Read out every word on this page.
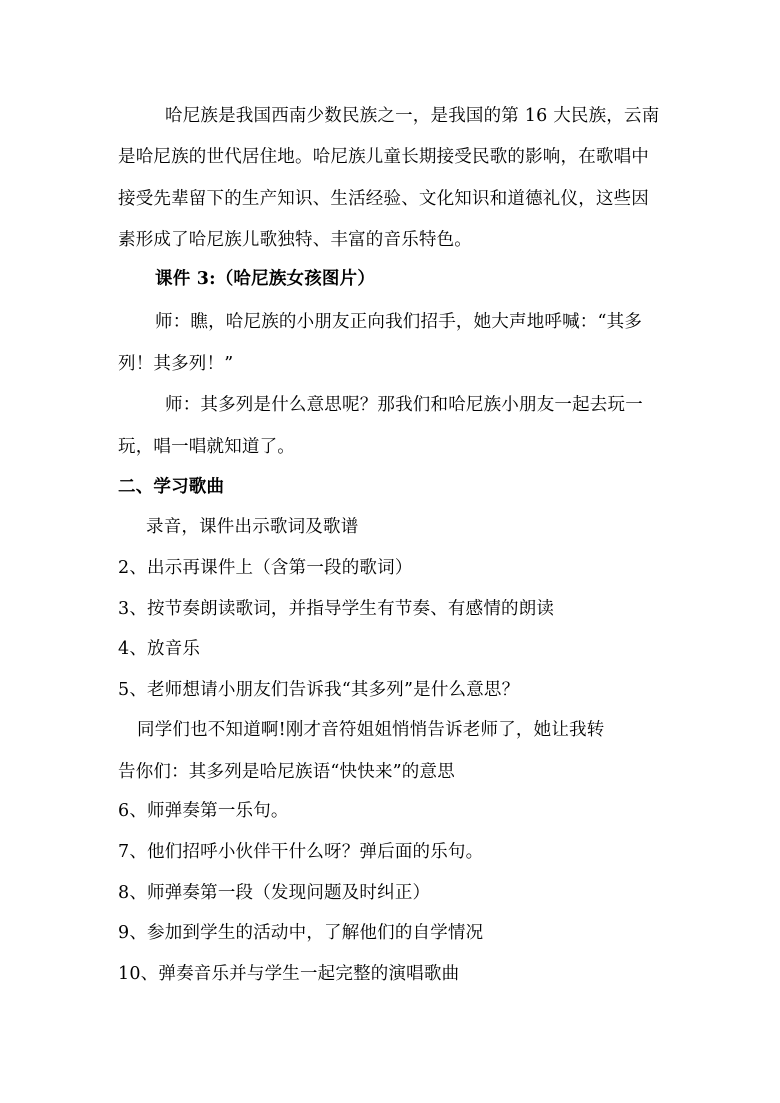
哈尼族是我国西南少数民族之一，是我国的第 16 大民族，云南
是哈尼族的世代居住地。哈尼族儿童长期接受民歌的影响，在歌唱中
接受先辈留下的生产知识、生活经验、文化知识和道德礼仪，这些因
素形成了哈尼族儿歌独特、丰富的音乐特色。
课件 3:（哈尼族女孩图片）
师：瞧，哈尼族的小朋友正向我们招手，她大声地呼喊：“其多
列！其多列！”
师：其多列是什么意思呢？那我们和哈尼族小朋友一起去玩一
玩，唱一唱就知道了。
二、学习歌曲
录音，课件出示歌词及歌谱
2、出示再课件上（含第一段的歌词）
3、按节奏朗读歌词，并指导学生有节奏、有感情的朗读
4、放音乐
5、老师想请小朋友们告诉我“其多列”是什么意思？
同学们也不知道啊!刚才音符姐姐悄悄告诉老师了，她让我转
告你们：其多列是哈尼族语“快快来”的意思
6、师弹奏第一乐句。
7、他们招呼小伙伴干什么呀？弹后面的乐句。
8、师弹奏第一段（发现问题及时纠正）
9、参加到学生的活动中，了解他们的自学情况
10、弹奏音乐并与学生一起完整的演唱歌曲
